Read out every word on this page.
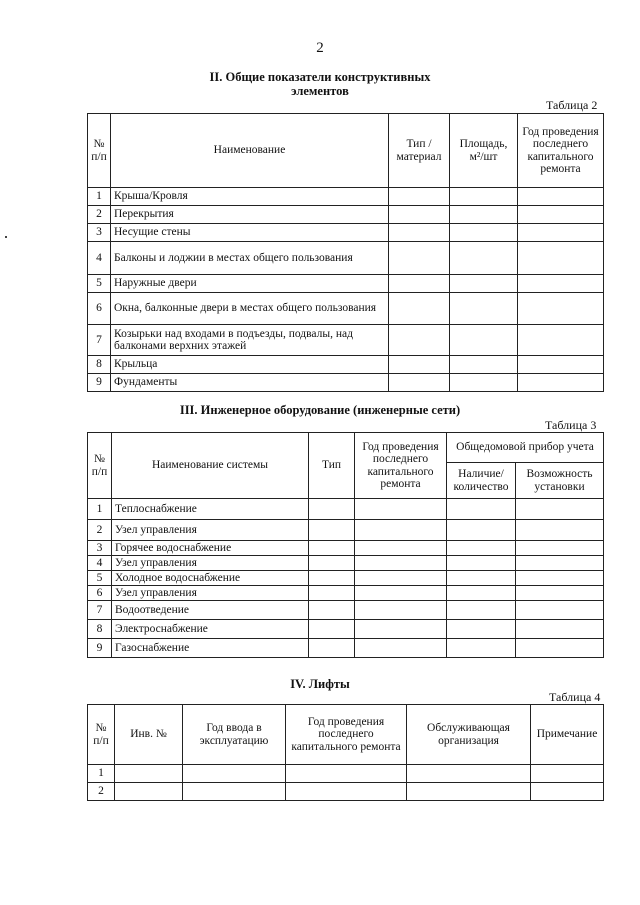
2
II. Общие показатели конструктивных
элементов
Таблица 2
№ п/п	Наименование	Тип / материал	Площадь, м²/шт	Год проведения последнего капитального ремонта
1	Крыша/Кровля			
2	Перекрытия			
3	Несущие стены			
4	Балконы и лоджии в местах общего пользования			
5	Наружные двери			
6	Окна, балконные двери в местах общего пользования			
7	Козырьки над входами в подъезды, подвалы, над балконами верхних этажей			
8	Крыльца			
9	Фундаменты			
III. Инженерное оборудование (инженерные сети)
Таблица 3
№ п/п	Наименование системы	Тип	Год проведения последнего капитального ремонта	Общедомовой прибор учета	
				Наличие/ количество	Возможность установки
1	Теплоснабжение				
2	Узел управления				
3	Горячее водоснабжение				
4	Узел управления				
5	Холодное водоснабжение				
6	Узел управления				
7	Водоотведение				
8	Электроснабжение				
9	Газоснабжение				
IV. Лифты
Таблица 4
№ п/п	Инв. №	Год ввода в эксплуатацию	Год проведения последнего капитального ремонта	Обслуживающая организация	Примечание
1					
2					
